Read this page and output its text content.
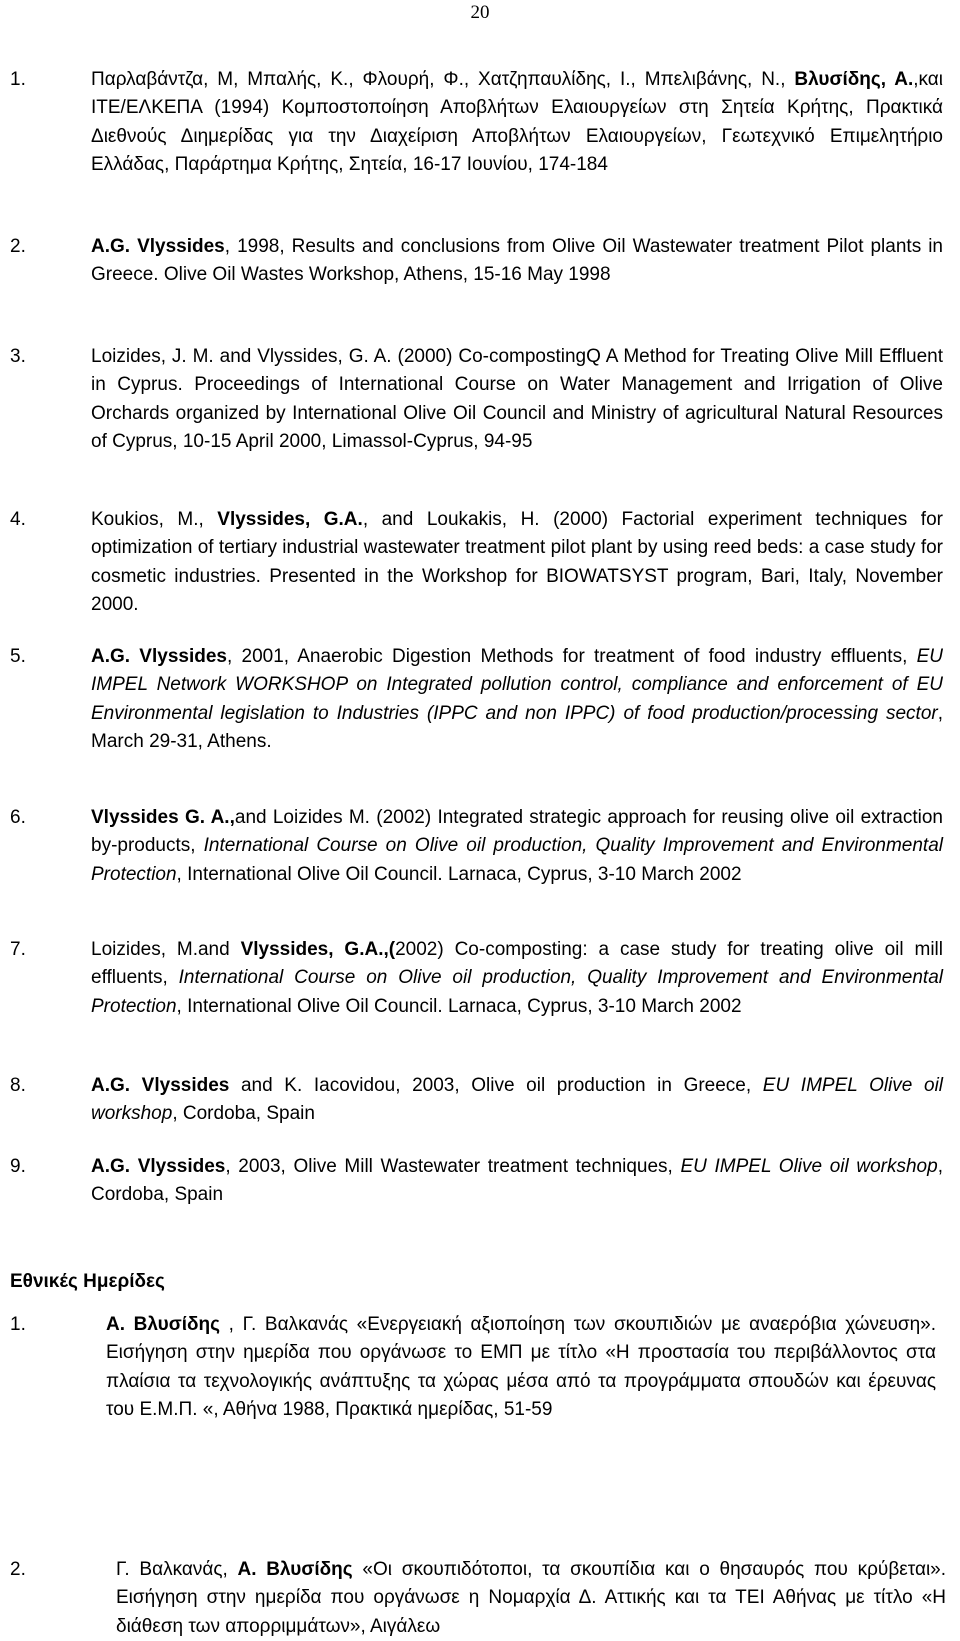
20
1.	Παρλαβάντζα, Μ, Μπαλής, Κ., Φλουρή, Φ., Χατζηπαυλίδης, Ι., Μπελιβάνης, Ν., Βλυσίδης, Α.,και ΙΤΕ/ΕΛΚΕΠΑ (1994) Κομποστοποίηση Αποβλήτων Ελαιουργείων στη Σητεία Κρήτης, Πρακτικά Διεθνούς Διημερίδας για την Διαχείριση Αποβλήτων Ελαιουργείων, Γεωτεχνικό Επιμελητήριο Ελλάδας, Παράρτημα Κρήτης, Σητεία, 16-17 Ιουνίου, 174-184

2.	A.G. Vlyssides, 1998, Results and conclusions from Olive Oil Wastewater treatment Pilot plants in Greece. Olive Oil Wastes Workshop, Athens, 15-16 May 1998

3.	Loizides, J. M. and Vlyssides, G. A. (2000) Co-compostingQ A Method for Treating Olive Mill Effluent in Cyprus. Proceedings of International Course on Water Management and Irrigation of Olive Orchards organized by International Olive Oil Council and Ministry of agricultural Natural Resources of Cyprus, 10-15 April 2000, Limassol-Cyprus, 94-95

4.	Koukios, M., Vlyssides, G.A., and Loukakis, H. (2000) Factorial experiment techniques for optimization of tertiary industrial wastewater treatment pilot plant by using reed beds: a case study for cosmetic industries. Presented in the Workshop for BIOWATSYST program, Bari, Italy, November 2000.

5.	A.G. Vlyssides, 2001, Anaerobic Digestion Methods for treatment of food industry effluents, EU IMPEL Network WORKSHOP on Integrated pollution control, compliance and enforcement of EU Environmental legislation to Industries (IPPC and non IPPC) of food production/processing sector, March 29-31, Athens.

6.	Vlyssides G. A.,and Loizides M. (2002) Integrated strategic approach for reusing olive oil extraction by-products, International Course on Olive oil production, Quality Improvement and Environmental Protection, International Olive Oil Council. Larnaca, Cyprus, 3-10 March 2002

7.	Loizides, M.and Vlyssides, G.A.,(2002) Co-composting: a case study for treating olive oil mill effluents, International Course on Olive oil production, Quality Improvement and Environmental Protection, International Olive Oil Council. Larnaca, Cyprus, 3-10 March 2002

8.	A.G. Vlyssides and K. Iacovidou, 2003, Olive oil production in Greece, EU IMPEL Olive oil workshop, Cordoba, Spain

9.	A.G. Vlyssides, 2003, Olive Mill Wastewater treatment techniques, EU IMPEL Olive oil workshop, Cordoba, Spain

Εθνικές Ημερίδες
1.	Α. Βλυσίδης , Γ. Βαλκανάς «Ενεργειακή αξιοποίηση των σκουπιδιών με αναερόβια χώνευση». Εισήγηση στην ημερίδα που οργάνωσε το ΕΜΠ με τίτλο «Η προστασία του περιβάλλοντος στα πλαίσια τα τεχνολογικής ανάπτυξης τα χώρας μέσα από τα προγράμματα σπουδών και έρευνας του Ε.Μ.Π. «, Αθήνα 1988, Πρακτικά ημερίδας, 51-59

2.	Γ. Βαλκανάς, Α. Βλυσίδης «Οι σκουπιδότοποι, τα σκουπίδια και ο θησαυρός που κρύβεται». Εισήγηση στην ημερίδα που οργάνωσε η Νομαρχία Δ. Αττικής και τα ΤΕΙ Αθήνας με τίτλο «Η διάθεση των απορριμμάτων», Αιγάλεω
